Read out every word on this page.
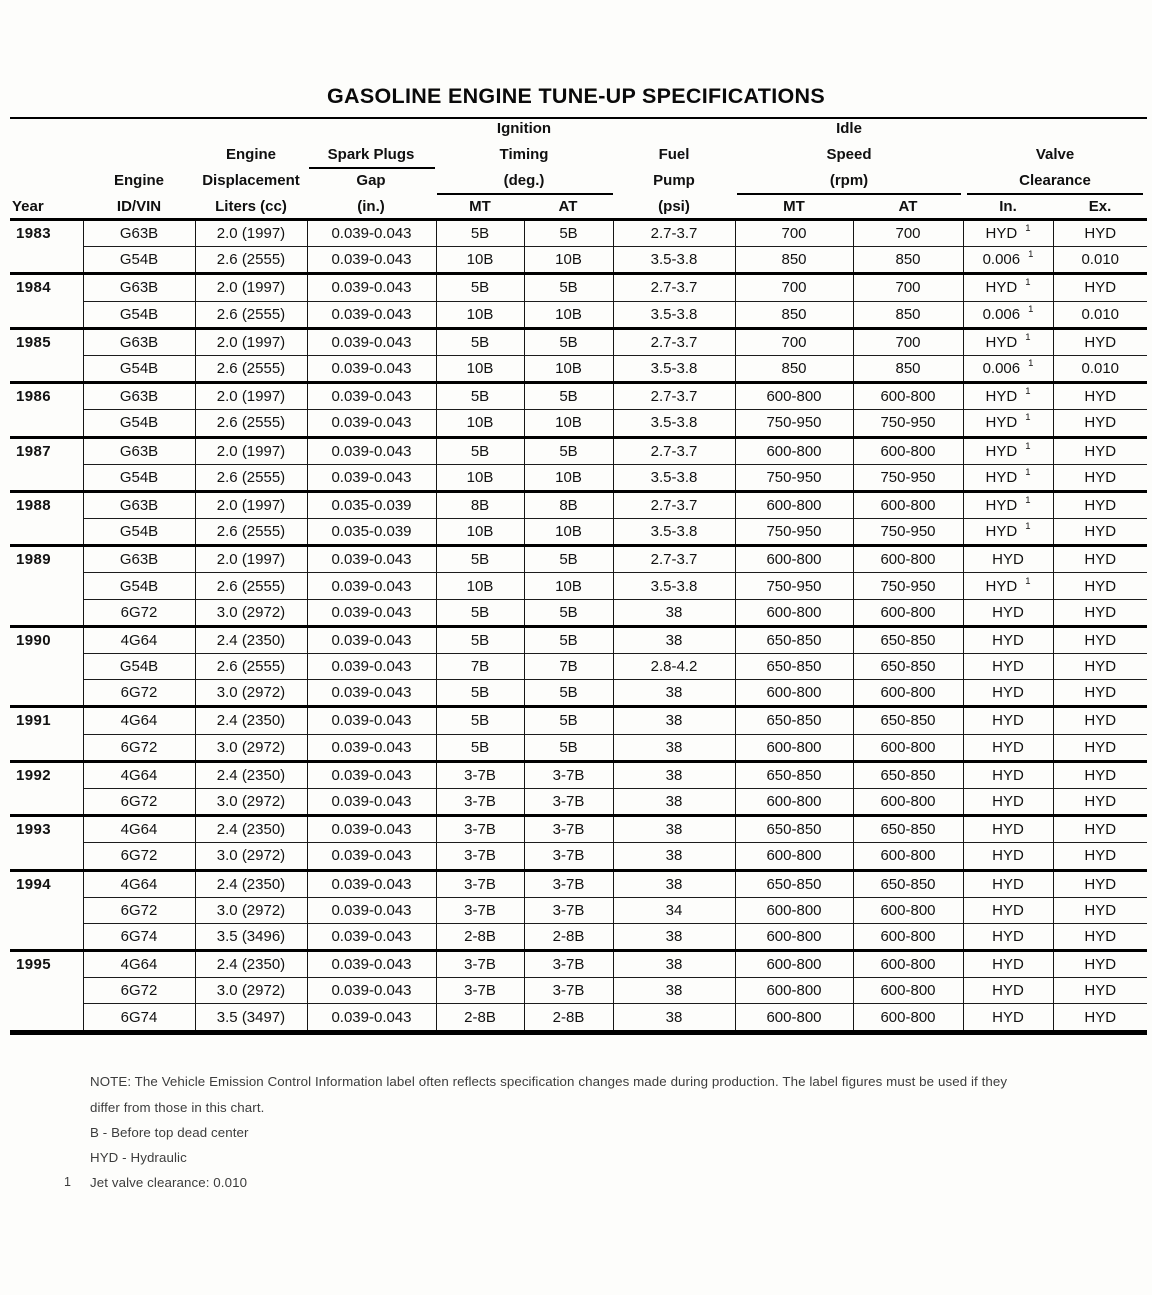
GASOLINE ENGINE TUNE-UP SPECIFICATIONS
Ignition	Idle
Engine	Spark Plugs	Timing	Fuel	Speed	Valve
Engine	Displacement	Gap	(deg.)	Pump	(rpm)	Clearance
Year	ID/VIN	Liters (cc)	(in.)	MT	AT	(psi)	MT	AT	In.	Ex.
1983	G63B	2.0 (1997)	0.039-0.043	5B	5B	2.7-3.7	700	700	HYD $^1$	HYD
	G54B	2.6 (2555)	0.039-0.043	10B	10B	3.5-3.8	850	850	0.006 $^1$	0.010
1984	G63B	2.0 (1997)	0.039-0.043	5B	5B	2.7-3.7	700	700	HYD $^1$	HYD
	G54B	2.6 (2555)	0.039-0.043	10B	10B	3.5-3.8	850	850	0.006 $^1$	0.010
1985	G63B	2.0 (1997)	0.039-0.043	5B	5B	2.7-3.7	700	700	HYD $^1$	HYD
	G54B	2.6 (2555)	0.039-0.043	10B	10B	3.5-3.8	850	850	0.006 $^1$	0.010
1986	G63B	2.0 (1997)	0.039-0.043	5B	5B	2.7-3.7	600-800	600-800	HYD $^1$	HYD
	G54B	2.6 (2555)	0.039-0.043	10B	10B	3.5-3.8	750-950	750-950	HYD $^1$	HYD
1987	G63B	2.0 (1997)	0.039-0.043	5B	5B	2.7-3.7	600-800	600-800	HYD $^1$	HYD
	G54B	2.6 (2555)	0.039-0.043	10B	10B	3.5-3.8	750-950	750-950	HYD $^1$	HYD
1988	G63B	2.0 (1997)	0.035-0.039	8B	8B	2.7-3.7	600-800	600-800	HYD $^1$	HYD
	G54B	2.6 (2555)	0.035-0.039	10B	10B	3.5-3.8	750-950	750-950	HYD $^1$	HYD
1989	G63B	2.0 (1997)	0.039-0.043	5B	5B	2.7-3.7	600-800	600-800	HYD	HYD
	G54B	2.6 (2555)	0.039-0.043	10B	10B	3.5-3.8	750-950	750-950	HYD $^1$	HYD
	6G72	3.0 (2972)	0.039-0.043	5B	5B	38	600-800	600-800	HYD	HYD
1990	4G64	2.4 (2350)	0.039-0.043	5B	5B	38	650-850	650-850	HYD	HYD
	G54B	2.6 (2555)	0.039-0.043	7B	7B	2.8-4.2	650-850	650-850	HYD	HYD
	6G72	3.0 (2972)	0.039-0.043	5B	5B	38	600-800	600-800	HYD	HYD
1991	4G64	2.4 (2350)	0.039-0.043	5B	5B	38	650-850	650-850	HYD	HYD
	6G72	3.0 (2972)	0.039-0.043	5B	5B	38	600-800	600-800	HYD	HYD
1992	4G64	2.4 (2350)	0.039-0.043	3-7B	3-7B	38	650-850	650-850	HYD	HYD
	6G72	3.0 (2972)	0.039-0.043	3-7B	3-7B	38	600-800	600-800	HYD	HYD
1993	4G64	2.4 (2350)	0.039-0.043	3-7B	3-7B	38	650-850	650-850	HYD	HYD
	6G72	3.0 (2972)	0.039-0.043	3-7B	3-7B	38	600-800	600-800	HYD	HYD
1994	4G64	2.4 (2350)	0.039-0.043	3-7B	3-7B	38	650-850	650-850	HYD	HYD
	6G72	3.0 (2972)	0.039-0.043	3-7B	3-7B	34	600-800	600-800	HYD	HYD
	6G74	3.5 (3496)	0.039-0.043	2-8B	2-8B	38	600-800	600-800	HYD	HYD
1995	4G64	2.4 (2350)	0.039-0.043	3-7B	3-7B	38	600-800	600-800	HYD	HYD
	6G72	3.0 (2972)	0.039-0.043	3-7B	3-7B	38	600-800	600-800	HYD	HYD
	6G74	3.5 (3497)	0.039-0.043	2-8B	2-8B	38	600-800	600-800	HYD	HYD
NOTE: The Vehicle Emission Control Information label often reflects specification changes made during production. The label figures must be used if they
differ from those in this chart.
B - Before top dead center
HYD - Hydraulic
1 Jet valve clearance: 0.010
